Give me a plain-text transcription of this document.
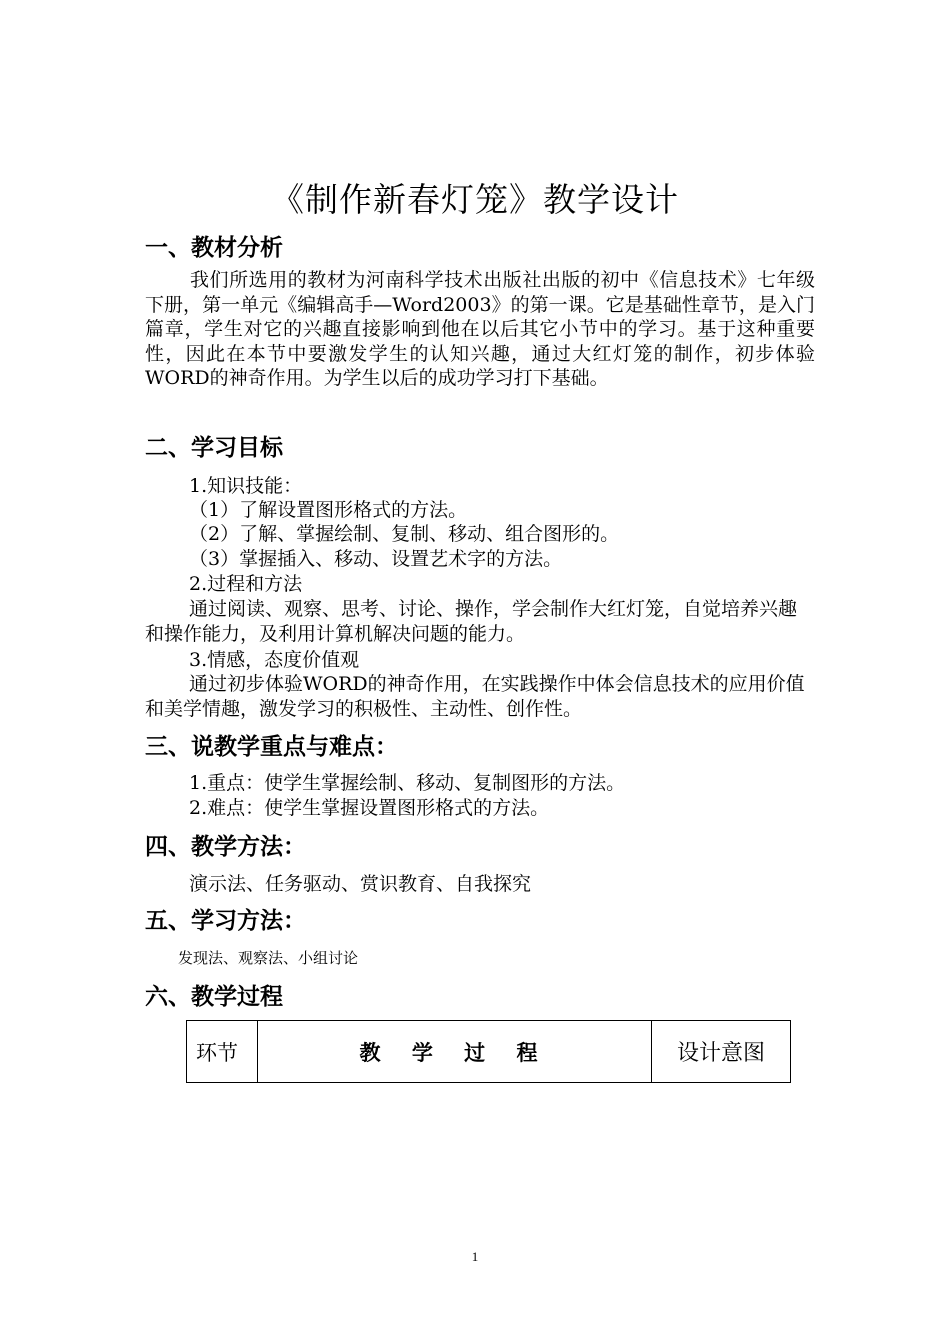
《制作新春灯笼》教学设计
一、教材分析
我们所选用的教材为河南科学技术出版社出版的初中《信息技术》七年级下册，第一单元《编辑高手—Word2003》的第一课。它是基础性章节，是入门篇章，学生对它的兴趣直接影响到他在以后其它小节中的学习。基于这种重要性，因此在本节中要激发学生的认知兴趣，通过大红灯笼的制作，初步体验WORD的神奇作用。为学生以后的成功学习打下基础。
二、学习目标
1.知识技能：
（1）了解设置图形格式的方法。
（2）了解、掌握绘制、复制、移动、组合图形的。
（3）掌握插入、移动、设置艺术字的方法。
2.过程和方法
通过阅读、观察、思考、讨论、操作，学会制作大红灯笼，自觉培养兴趣和操作能力，及利用计算机解决问题的能力。
3.情感，态度价值观
通过初步体验WORD的神奇作用，在实践操作中体会信息技术的应用价值和美学情趣，激发学习的积极性、主动性、创作性。
三、说教学重点与难点：
1.重点：使学生掌握绘制、移动、复制图形的方法。
2.难点：使学生掌握设置图形格式的方法。
四、教学方法：
演示法、任务驱动、赏识教育、自我探究
五、学习方法：
发现法、观察法、小组讨论
六、教学过程
环节	教 学 过 程	设计意图
1
